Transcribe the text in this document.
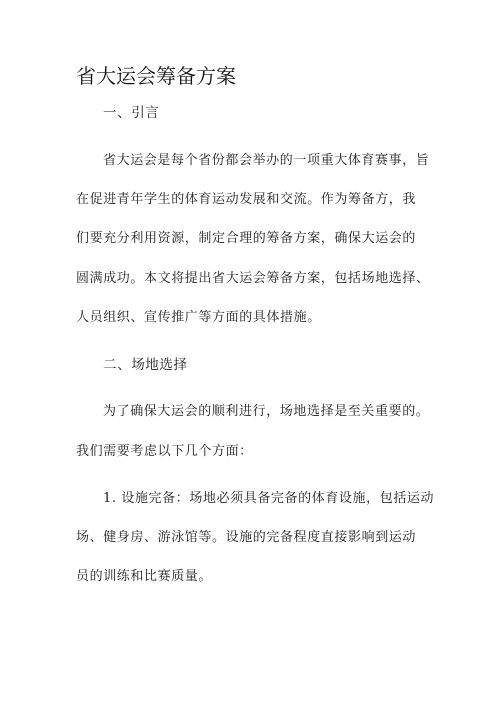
省大运会筹备方案
一、引言
省大运会是每个省份都会举办的一项重大体育赛事，旨
在促进青年学生的体育运动发展和交流。作为筹备方，我
们要充分利用资源，制定合理的筹备方案，确保大运会的
圆满成功。本文将提出省大运会筹备方案，包括场地选择、
人员组织、宣传推广等方面的具体措施。
二、场地选择
为了确保大运会的顺利进行，场地选择是至关重要的。
我们需要考虑以下几个方面：
1. 设施完备：场地必须具备完备的体育设施，包括运动
场、健身房、游泳馆等。设施的完备程度直接影响到运动
员的训练和比赛质量。
